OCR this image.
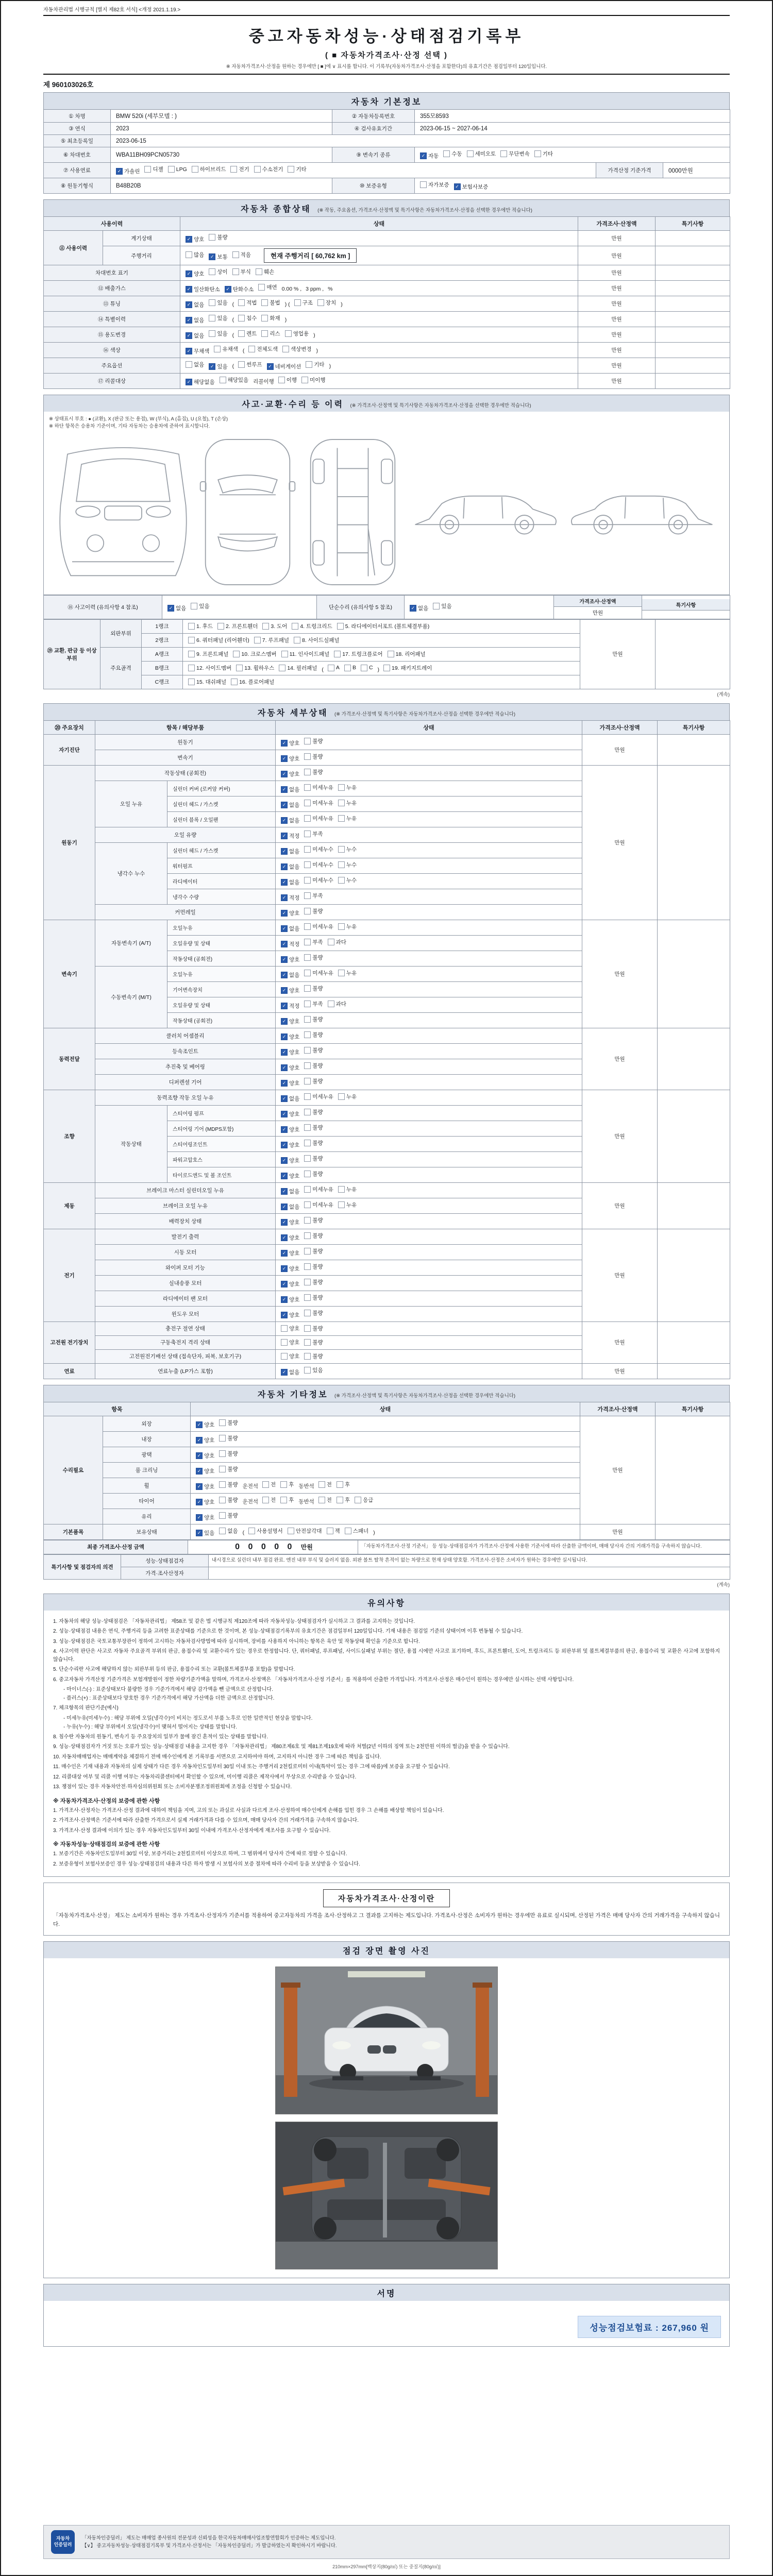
자동차관리법 시행규칙 [별지 제82호 서식] <개정 2021.1.19.>
중고자동차성능·상태점검기록부
( ■ 자동차가격조사·산정 선택 )
※ 자동차가격조사·산정을 원하는 경우에만 [ ■ ]에 ∨ 표시를 합니다. 이 기록부(자동차가격조사·산정을 포함한다)의 유효기간은 점검일부터 120일입니다.
제 960103026호
자동차 기본정보
① 차명	BMW 520i (세부모델 : )	② 자동차등록번호	355모8593		
③ 연식	2023	④ 검사유효기간	2023-06-15 ~ 2027-06-14		
⑤ 최초등록일	2023-06-15				
⑥ 차대번호	WBA11BH09PCN05730	⑨ 변속기 종류	✓ 자동 수동 세미오토 무단변속 기타

⑦ 사용연료	✓ 가솔린 디젤 LPG 하이브리드 전기 수소전기 기타	가격산정 기준가격	0000만원
⑧ 원동기형식	B48B20B	⑩ 보증유형	자가보증 ✓ 보험사보증		
자동차 종합상태 (※ 작동, 주요옵션, 가격조사·산정액 및 특기사항은 자동차가격조사·산정을 선택한 경우에만 적습니다)
사용이력		상태	가격조사·산정액	특기사항
⑪ 사용이력	계기상태	✓ 양호 불량	만원	
	주행거리	많음 ✓ 보통 적음 현재 주행거리 [ 60,762 km ]	만원	
차대번호 표기		✓ 양호 상이 부식 훼손	만원	
⑫ 배출가스	✓ 일산화탄소	✓ 탄화수소 매연 0.00 % , 3 ppm , %	만원	
⑬ 튜닝	✓ 없음 있음 ( 적법 불법 ) ( 구조 장치 )	만원	
⑭ 특별이력	✓ 없음 있음 ( 침수 화재 )	만원	
⑮ 용도변경	✓ 없음 있음 ( 렌트 리스 영업용 )	만원	
⑯ 색상	✓ 무채색 유채색 ( 전체도색 색상변경 )	만원	
주요옵션	없음	✓ 있음 ( 썬루프	✓ 네비게이션 기타 )	만원	
⑰ 리콜대상	✓ 해당없음 해당있음 리콜이행 이행 미이행	만원	
사고·교환·수리 등 이력 (※ 가격조사·산정액 및 특기사항은 자동차가격조사·산정을 선택한 경우에만 적습니다)
※ 상태표시 부호 : ● (교환), X (판금 또는 용접), W (부식), A (흠집), U (요철), T (손상)
※ 하단 항목은 승용차 기준이며, 기타 자동차는 승용차에 준하여 표시합니다.

⑱ 사고이력 (유의사항 4 참조)	✓ 없음 있음	단순수리 (유의사항 5 참조)	✓ 없음 있음

가격조사·산정액
만원

특기사항
⑲ 교환, 판금 등 이상 부위	외판부위	1랭크	1. 후드 2. 프론트휀더 3. 도어 4. 트렁크리드 5. 라디에이터서포트 (볼트체결부품)	만원	
		2랭크	6. 쿼터패널 (리어휀더) 7. 루프패널 8. 사이드실패널		

	주요골격	A랭크	9. 프론트패널 10. 크로스멤버 11. 인사이드패널 17. 트렁크플로어 18. 리어패널		

B랭크	12. 사이드멤버 13. 휠하우스 14. 필러패널 ( A B C ) 19. 패키지트레이

		C랭크	15. 대쉬패널 16. 플로어패널		
(계속)
자동차 세부상태 (※ 가격조사·산정액 및 특기사항은 자동차가격조사·산정을 선택한 경우에만 적습니다)
⑳ 주요장치	항목 / 해당부품		상태	가격조사·산정액	특기사항
자기진단	원동기		✓ 양호 불량	만원	
	변속기		✓ 양호 불량		

원동기	작동상태 (공회전)		✓ 양호 불량	만원	
	오일 누유	실린더 커버 (로커암 커버)	✓ 없음 미세누유 누유		

		실린더 헤드 / 가스켓	✓ 없음 미세누유 누유		

		실린더 블록 / 오일팬	✓ 없음 미세누유 누유		

	오일 유량		✓ 적정 부족		

	냉각수 누수	실린더 헤드 / 가스켓	✓ 없음 미세누수 누수		

		워터펌프	✓ 없음 미세누수 누수		

		라디에이터	✓ 없음 미세누수 누수		

		냉각수 수량	✓ 적정 부족		

	커먼레일		✓ 양호 불량		

변속기	자동변속기 (A/T)	오일누유	✓ 없음 미세누유 누유	만원	
		오일유량 및 상태	✓ 적정 부족 과다		

		작동상태 (공회전)	✓ 양호 불량		

	수동변속기 (M/T)	오일누유	✓ 없음 미세누유 누유		

		기어변속장치	✓ 양호 불량		

		오일유량 및 상태	✓ 적정 부족 과다		

		작동상태 (공회전)	✓ 양호 불량		

동력전달	클러치 어셈블리		✓ 양호 불량	만원	
	등속조인트		✓ 양호 불량		

	추진축 및 베어링		✓ 양호 불량		

	디퍼렌셜 기어		✓ 양호 불량		

조향	동력조향 작동 오일 누유		✓ 없음 미세누유 누유	만원	
	작동상태	스티어링 펌프	✓ 양호 불량		

		스티어링 기어 (MDPS포함)	✓ 양호 불량		

		스티어링조인트	✓ 양호 불량		

		파워고압호스	✓ 양호 불량		

		타이로드엔드 및 볼 조인트	✓ 양호 불량		

제동	브레이크 마스터 실린더오일 누유		✓ 없음 미세누유 누유	만원	
	브레이크 오일 누유		✓ 없음 미세누유 누유		

	배력장치 상태		✓ 양호 불량		

전기	발전기 출력		✓ 양호 불량	만원	
	시동 모터		✓ 양호 불량		

	와이퍼 모터 기능		✓ 양호 불량		

	실내송풍 모터		✓ 양호 불량		

	라디에이터 팬 모터		✓ 양호 불량		

	윈도우 모터		✓ 양호 불량		

고전원 전기장치	충전구 절연 상태		양호 불량	만원	
	구동축전지 격리 상태		양호 불량		

	고전원전기배선 상태 (접속단자, 피복, 보호기구)		양호 불량		

연료	연료누출 (LP가스 포함)		✓ 없음 있음	만원	
자동차 기타정보 (※ 가격조사·산정액 및 특기사항은 자동차가격조사·산정을 선택한 경우에만 적습니다)
항목		상태	가격조사·산정액	특기사항
수리필요	외장	✓ 양호 불량	만원	
	내장	✓ 양호 불량		

	광택	✓ 양호 불량		

	룸 크리닝	✓ 양호 불량		

휠	✓ 양호 불량 운전석 전 후 동반석 전 후

타이어	✓ 양호 불량 운전석 전 후 동반석 전 후 응급

	유리	✓ 양호 불량		

기본품목	보유상태	✓ 있음 없음 ( 사용설명서 안전삼각대 잭 스패너 )	만원	
최종 가격조사·산정 금액	0 0 0 0 0 만원	「자동차가격조사·산정 기준서」 등 성능·상태점검자가 가격조사·산정에 사용한 기준서에 따라 산출한 금액이며, 매매 당사자 간의 거래가격을 구속하지 않습니다.
특기사항 및 점검자의 의견	성능·상태점검자	내시경으로 실린더 내부 점검 완료. 엔진 내부 부식 및 슬러지 없음. 외판 볼트 탈착 흔적이 없는 차량으로 현재 상태 양호함. 가격조사·산정은 소비자가 원하는 경우에만 실시됩니다.

	가격·조사산정자	
(계속)
유의사항
1. 자동차의 해당 성능·상태점검은 「자동차관리법」 제58조 및 같은 법 시행규칙 제120조에 따라 자동차성능·상태점검자가 실시하고 그 결과를 고지하는 것입니다.
2. 성능·상태점검 내용은 연식, 주행거리 등을 고려한 표준상태를 기준으로 한 것이며, 본 성능·상태점검기록부의 유효기간은 점검일부터 120일입니다. 기재 내용은 점검일 기준의 상태이며 이후 변동될 수 있습니다.
3. 성능·상태점검은 국토교통부장관이 정하여 고시하는 자동차검사방법에 따라 실시하며, 장비를 사용하지 아니하는 항목은 육안 및 작동상태 확인을 기준으로 합니다.
4. 사고이력 판단은 사고로 자동차 주요골격 부위의 판금, 용접수리 및 교환수리가 있는 경우로 한정합니다. 단, 쿼터패널, 루프패널, 사이드실패널 부위는 절단, 용접 시에만 사고로 표기하며, 후드, 프론트휀더, 도어, 트렁크리드 등 외판부위 및 볼트체결부품의 판금, 용접수리 및 교환은 사고에 포함하지 않습니다.
5. 단순수리란 사고에 해당하지 않는 외판부위 등의 판금, 용접수리 또는 교환(볼트체결부품 포함)을 말합니다.
6. 중고자동차 가격산정 기준가격은 보험개발원이 정한 차량기준가액을 말하며, 가격조사·산정액은 「자동차가격조사·산정 기준서」를 적용하여 산출한 가격입니다. 가격조사·산정은 매수인이 원하는 경우에만 실시하는 선택 사항입니다.
- 마이너스(-) : 표준상태보다 불량한 경우 기준가격에서 해당 감가액을 뺀 금액으로 산정합니다.
- 플러스(+) : 표준상태보다 양호한 경우 기준가격에서 해당 가산액을 더한 금액으로 산정합니다.
7. 체크항목의 판단기준(예시)
- 미세누유(미세누수) : 해당 부위에 오일(냉각수)이 비치는 정도로서 부품 노후로 인한 일반적인 현상을 말합니다.
- 누유(누수) : 해당 부위에서 오일(냉각수)이 맺혀서 떨어지는 상태를 말합니다.
8. 침수란 자동차의 원동기, 변속기 등 주요장치의 일부가 물에 잠긴 흔적이 있는 상태를 말합니다.
9. 성능·상태점검자가 거짓 또는 오류가 있는 성능·상태점검 내용을 고지한 경우 「자동차관리법」 제80조제6호 및 제81조제19호에 따라 처벌(2년 이하의 징역 또는 2천만원 이하의 벌금)을 받을 수 있습니다.
10. 자동차매매업자는 매매계약을 체결하기 전에 매수인에게 본 기록부를 서면으로 고지하여야 하며, 고지하지 아니한 경우 그에 따른 책임을 집니다.
11. 매수인은 기재 내용과 자동차의 실제 상태가 다른 경우 자동차인도일부터 30일 이내 또는 주행거리 2천킬로미터 이내(특약이 있는 경우 그에 따름)에 보증을 요구할 수 있습니다.
12. 리콜대상 여부 및 리콜 이행 여부는 자동차리콜센터에서 확인할 수 있으며, 미이행 리콜은 제작사에서 무상으로 수리받을 수 있습니다.
13. 쟁점이 있는 경우 자동차안전·하자심의위원회 또는 소비자분쟁조정위원회에 조정을 신청할 수 있습니다.
※ 자동차가격조사·산정의 보증에 관한 사항
1. 가격조사·산정자는 가격조사·산정 결과에 대하여 책임을 지며, 고의 또는 과실로 사실과 다르게 조사·산정하여 매수인에게 손해를 입힌 경우 그 손해를 배상할 책임이 있습니다.
2. 가격조사·산정액은 기준서에 따라 산출한 가격으로서 실제 거래가격과 다를 수 있으며, 매매 당사자 간의 거래가격을 구속하지 않습니다.
3. 가격조사·산정 결과에 이의가 있는 경우 자동차인도일부터 30일 이내에 가격조사·산정자에게 재조사를 요구할 수 있습니다.
※ 자동차성능·상태점검의 보증에 관한 사항
1. 보증기간은 자동차인도일부터 30일 이상, 보증거리는 2천킬로미터 이상으로 하며, 그 범위에서 당사자 간에 따로 정할 수 있습니다.
2. 보증유형이 보험사보증인 경우 성능·상태점검의 내용과 다른 하자 발생 시 보험사의 보증 절차에 따라 수리비 등을 보상받을 수 있습니다.
자동차가격조사·산정이란
「자동차가격조사·산정」 제도는 소비자가 원하는 경우 가격조사·산정자가 기준서를 적용하여 중고자동차의 가격을 조사·산정하고 그 결과를 고지하는 제도입니다. 가격조사·산정은 소비자가 원하는 경우에만 유료로 실시되며, 산정된 가격은 매매 당사자 간의 거래가격을 구속하지 않습니다.
점검 장면 촬영 사진
서명
성능점검보험료 : 267,960 원
자동차
인증딜러
「자동차인증딜러」 제도는 매매업 종사원의 전문성과 신뢰성을 한국자동차매매사업조합연합회가 인증하는 제도입니다.
【∨】 중고자동차성능·상태점검기록부 및 가격조사·산정서는 「자동차인증딜러」가 발급하였는지 확인하시기 바랍니다.
210mm×297mm[백상지(80g/㎡) 또는 중질지(80g/㎡)]
